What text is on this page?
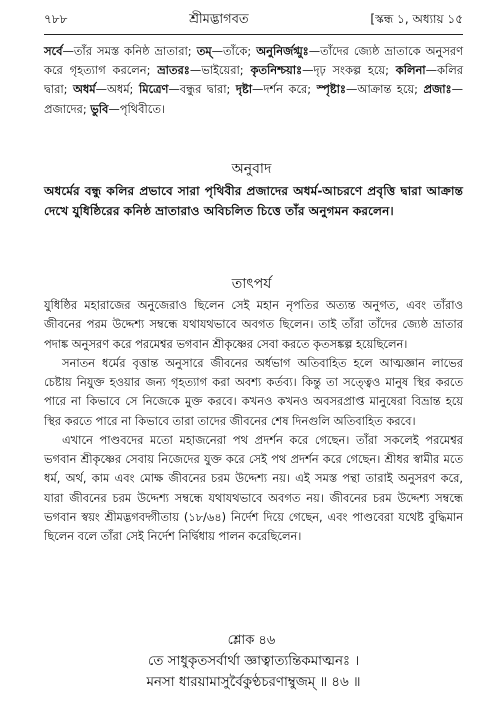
৭৮৮	শ্রীমদ্ভাগবত	[স্কন্ধ ১, অধ্যায় ১৫
সর্বে—তাঁর সমস্ত কনিষ্ঠ ভ্রাতারা; তম্—তাঁকে; অনুনির্জগ্মুঃ—তাঁদের জ্যেষ্ঠ ভ্রাতাকে অনুসরণ করে গৃহত্যাগ করলেন; ভ্রাতরঃ—ভাইয়েরা; কৃতনিশ্চয়াঃ—দৃঢ় সংকল্প হয়ে; কলিনা—কলির দ্বারা; অধর্ম—অধর্ম; মিত্রেণ—বন্ধুর দ্বারা; দৃষ্টা—দর্শন করে; স্পৃষ্টাঃ—আক্রান্ত হয়ে; প্রজাঃ—প্রজাদের; ভুবি—পৃথিবীতে।
অনুবাদ
অধর্মের বন্ধু কলির প্রভাবে সারা পৃথিবীর প্রজাদের অধর্ম-আচরণে প্রবৃত্তি দ্বারা আক্রান্ত দেখে যুধিষ্ঠিরের কনিষ্ঠ ভ্রাতারাও অবিচলিত চিত্তে তাঁর অনুগমন করলেন।
তাৎপর্য

যুধিষ্ঠির মহারাজের অনুজেরাও ছিলেন সেই মহান নৃপতির অত্যন্ত অনুগত, এবং তাঁরাও জীবনের পরম উদ্দেশ্য সম্বন্ধে যথাযথভাবে অবগত ছিলেন। তাই তাঁরা তাঁদের জ্যেষ্ঠ ভ্রাতার পদাঙ্ক অনুসরণ করে পরমেশ্বর ভগবান শ্রীকৃষ্ণের সেবা করতে কৃতসঙ্কল্প হয়েছিলেন।

সনাতন ধর্মের বৃত্তান্ত অনুসারে জীবনের অর্ধভাগ অতিবাহিত হলে আত্মজ্ঞান লাভের চেষ্টায় নিযুক্ত হওয়ার জন্য গৃহত্যাগ করা অবশ্য কর্তব্য। কিন্তু তা সত্ত্বেও মানুষ স্থির করতে পারে না কিভাবে সে নিজেকে মুক্ত করবে। কখনও কখনও অবসরপ্রাপ্ত মানুষেরা বিভ্রান্ত হয়ে স্থির করতে পারে না কিভাবে তারা তাদের জীবনের শেষ দিনগুলি অতিবাহিত করবে।

এখানে পাণ্ডবদের মতো মহাজনেরা পথ প্রদর্শন করে গেছেন। তাঁরা সকলেই পরমেশ্বর ভগবান শ্রীকৃষ্ণের সেবায় নিজেদের যুক্ত করে সেই পথ প্রদর্শন করে গেছেন। শ্রীধর স্বামীর মতে ধর্ম, অর্থ, কাম এবং মোক্ষ জীবনের চরম উদ্দেশ্য নয়। এই সমস্ত পন্থা তারাই অনুসরণ করে, যারা জীবনের চরম উদ্দেশ্য সম্বন্ধে যথাযথভাবে অবগত নয়। জীবনের চরম উদ্দেশ্য সম্বন্ধে ভগবান স্বয়ং শ্রীমদ্ভগবদ্গীতায় (১৮/৬৪) নির্দেশ দিয়ে গেছেন, এবং পাণ্ডবেরা যথেষ্ট বুদ্ধিমান ছিলেন বলে তাঁরা সেই নির্দেশ নির্দ্বিধায় পালন করেছিলেন।

শ্লোক ৪৬
তে সাধুকৃতসর্বার্থা জ্ঞাত্বাত্যন্তিকমাত্মনঃ ।
মনসা ধারয়ামাসুর্বৈকুণ্ঠচরণাম্বুজম্ ॥ ৪৬ ॥
